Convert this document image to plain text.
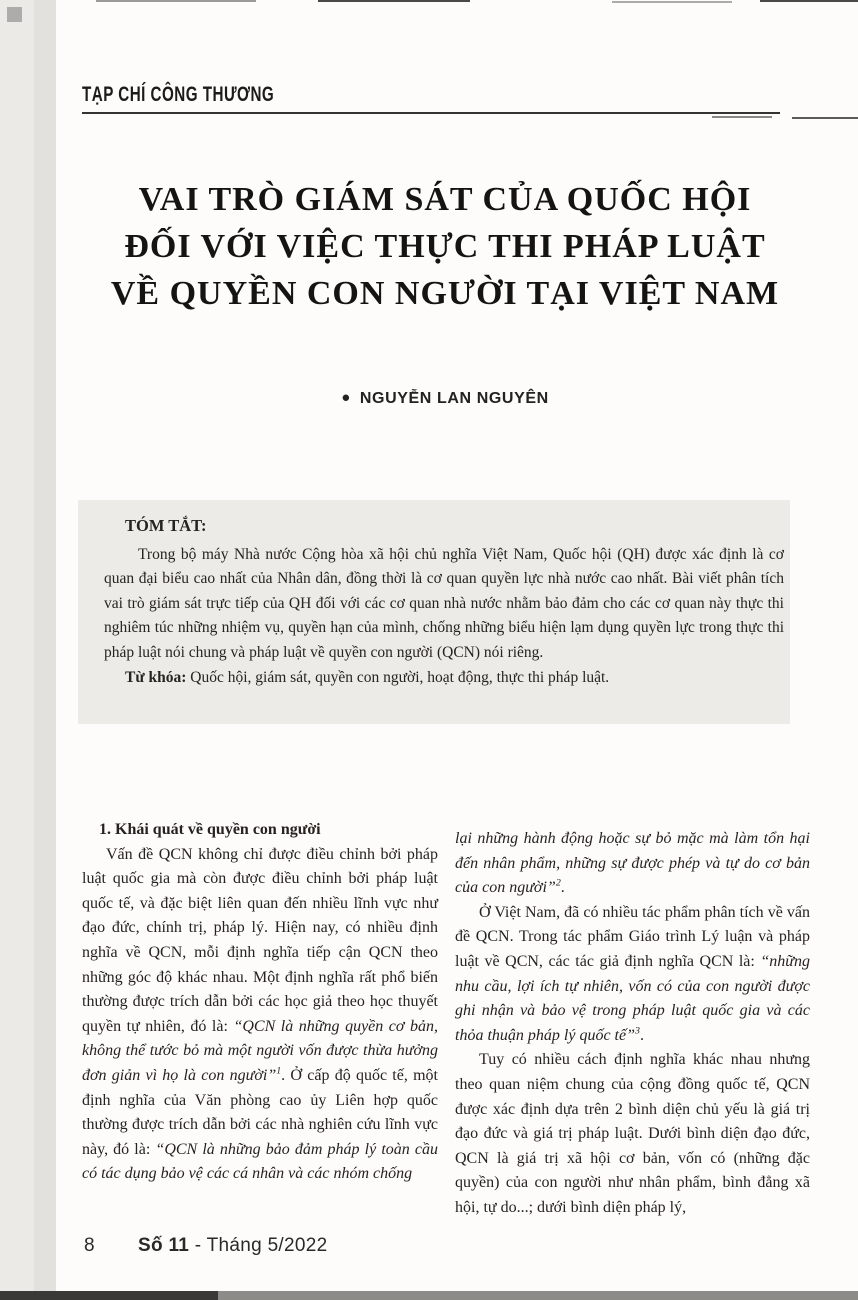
TẠP CHÍ CÔNG THƯƠNG
VAI TRÒ GIÁM SÁT CỦA QUỐC HỘI
ĐỐI VỚI VIỆC THỰC THI PHÁP LUẬT
VỀ QUYỀN CON NGƯỜI TẠI VIỆT NAM
● NGUYỄN LAN NGUYÊN

TÓM TẮT:

Trong bộ máy Nhà nước Cộng hòa xã hội chủ nghĩa Việt Nam, Quốc hội (QH) được xác định là cơ quan đại biểu cao nhất của Nhân dân, đồng thời là cơ quan quyền lực nhà nước cao nhất. Bài viết phân tích vai trò giám sát trực tiếp của QH đối với các cơ quan nhà nước nhằm bảo đảm cho các cơ quan này thực thi nghiêm túc những nhiệm vụ, quyền hạn của mình, chống những biểu hiện lạm dụng quyền lực trong thực thi pháp luật nói chung và pháp luật về quyền con người (QCN) nói riêng.

Từ khóa: Quốc hội, giám sát, quyền con người, hoạt động, thực thi pháp luật.

1. Khái quát về quyền con người

Vấn đề QCN không chỉ được điều chỉnh bởi pháp luật quốc gia mà còn được điều chỉnh bởi pháp luật quốc tế, và đặc biệt liên quan đến nhiều lĩnh vực như đạo đức, chính trị, pháp lý. Hiện nay, có nhiều định nghĩa về QCN, mỗi định nghĩa tiếp cận QCN theo những góc độ khác nhau. Một định nghĩa rất phổ biến thường được trích dẫn bởi các học giả theo học thuyết quyền tự nhiên, đó là: “QCN là những quyền cơ bản, không thể tước bỏ mà một người vốn được thừa hưởng đơn giản vì họ là con người”$^1$. Ở cấp độ quốc tế, một định nghĩa của Văn phòng cao ủy Liên hợp quốc thường được trích dẫn bởi các nhà nghiên cứu lĩnh vực này, đó là: “QCN là những bảo đảm pháp lý toàn cầu có tác dụng bảo vệ các cá nhân và các nhóm chống

lại những hành động hoặc sự bỏ mặc mà làm tổn hại đến nhân phẩm, những sự được phép và tự do cơ bản của con người”$^2$.

Ở Việt Nam, đã có nhiều tác phẩm phân tích về vấn đề QCN. Trong tác phẩm Giáo trình Lý luận và pháp luật về QCN, các tác giả định nghĩa QCN là: “những nhu cầu, lợi ích tự nhiên, vốn có của con người được ghi nhận và bảo vệ trong pháp luật quốc gia và các thỏa thuận pháp lý quốc tế”$^3$.

Tuy có nhiều cách định nghĩa khác nhau nhưng theo quan niệm chung của cộng đồng quốc tế, QCN được xác định dựa trên 2 bình diện chủ yếu là giá trị đạo đức và giá trị pháp luật. Dưới bình diện đạo đức, QCN là giá trị xã hội cơ bản, vốn có (những đặc quyền) của con người như nhân phẩm, bình đẳng xã hội, tự do...; dưới bình diện pháp lý,

8 Số 11 - Tháng 5/2022
